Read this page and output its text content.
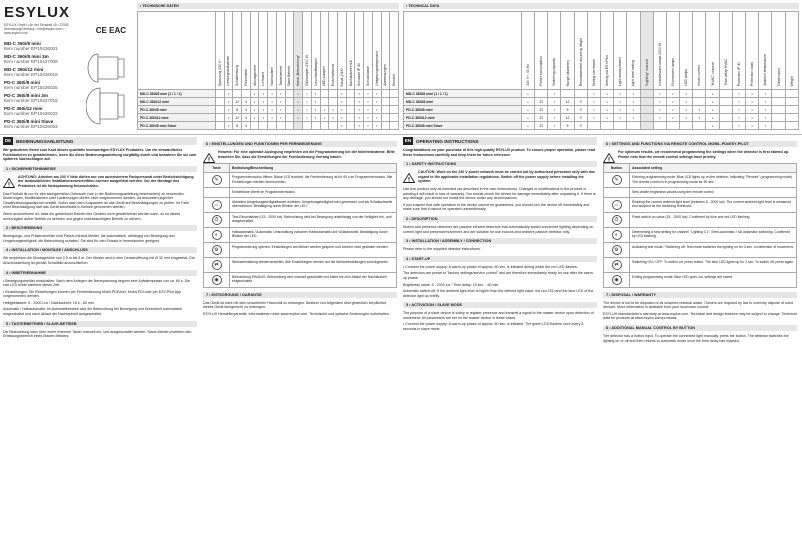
ESYLUX
ESYLUX GmbH • An der Strusbek 40 • 22926 Ahrensburg/Germany • info@esylux.com • www.esylux.com	CE EAC
MD-C 360i/8 mini
Item number EP10426001
MD-C 360i/8 mini 3m
Item number EP10427008
MD-C 360i/12 mini
Item number EP10426018
PD-C 360i/8 mini
Item number EP10426025
PD-C 360i/8 mini 3m
Item number EP10427015
PD-C 360i/12 mini
Item number EP10426032
PD-C 360i/8 mini Slave
Item number EP10426063
• TECHNISCHE DATEN
	Spannung 230 V~	Leistungsaufnahme	Schaltleistung	Reichweite	Montagehöhe	Lichtwert	Nachlaufzeit	Tasterbetrieb	Slave-Betrieb	Kanal „Beleuchtung“	Glühlampen 2300 W	Leuchtstofflampen	LED-Lampen	Einschaltstrom	Kanal „HLK“	Nachlaufzeit HLK	Schutzart IP 40	Schutzklasse	Umgebungstemperatur	Abmessungen	Gewicht
MD-C 360i/8 mini (1 / 1 / 1)		•			•	•	•	•		•	•	•			•		•	•	•		
MD-C 360i/12 mini		•	12	3	•	•	•	•		•	•	•			•		•	•	•		
PD-C 360i/8 mini		•	8	3	•	•	•	•		•	•	•	•	•	•		•	•	•		
PD-C 360i/12 mini		•	12	3	•	•	•	•		•	•	•	•	•	•		•	•	•		
PD-C 360i/8 mini Slave		•	8	3											•		•	•	•		
• TECHNICAL DATA
	230 V~, 50 Hz	Power consumption	Switching capacity	Range (diameter)	Recommended mounting height	Setting via remote	Setting via ESY-Pilot	Light measurement	Light level setting	"Lighting" channel	Incandescent lamps 2300 W	Fluorescent lamps	LED lamps	Inrush current	"HVAC" channel	Time delay HVAC	Protection IP 40	Protection class	Ambient temperature	Dimensions	Weight
MD-C 360i/8 mini (1 / 1 / 1)	•		•			•	•	•	•		•	•	•		•		•	•	•		
MD-C 360i/8 mini	•	12	•	12	3	•	•	•	•		•	•	•		•		•	•	•		
PD-C 360i/8 mini	•	12	•	8	3	•	•	•	•		•	•	•	•	•		•	•	•		
PD-C 360i/12 mini	•	12	•	12	3	•	•	•	•		•	•	•	•	•		•	•	•		
PD-C 360i/8 mini Slave	•	12	•	8	3										•		•	•	•		
DE	BEDIENUNGSANLEITUNG

Wir gratulieren Ihnen zum Kauf dieses qualitativ hochwertigen ESYLUX Produktes. Um ein einwandfreies Funktionieren zu gewährleisten, lesen Sie diese Bedienungsanleitung sorgfältig durch und bewahren Sie sie zum späteren Nachschlagen auf.

1 • SICHERHEITSHINWEISE
!

ACHTUNG: Arbeiten am 230 V Netz dürfen nur von autorisiertem Fachpersonal unter Berücksichtigung der landesüblichen Installationsvorschriften/-normen ausgeführt werden. Vor der Montage des Produktes ist die Netzspannung freizuschalten.

Das Produkt ist nur für den sachgemäßen Gebrauch (wie in der Bedienungsanleitung beschrieben) zu verwenden. Änderungen, Modifikationen oder Lackierungen dürfen nicht vorgenommen werden, da ansonsten jeglicher Gewährleistungsanspruch entfällt. Sofort nach dem Auspacken ist das Gerät auf Beschädigungen zu prüfen. Im Falle einer Beschädigung darf das Gerät keinesfalls in Betrieb genommen werden.

Wenn anzunehmen ist, dass ein gefahrloser Betrieb des Gerätes nicht gewährleistet werden kann, so ist dieses unverzüglich außer Betrieb zu nehmen und gegen unbeabsichtigten Betrieb zu sichern.

2 • BESCHREIBUNG

Bewegungs- und Präsenzmelder sind Passiv-Infrarot-Melder, die automatisch, abhängig von Bewegung und Umgebungshelligkeit, die Beleuchtung schalten. Sie sind für den Einsatz in Innenräumen geeignet.

3 • INSTALLATION / MONTAGE / ANSCHLUSS

Wir empfehlen die Montagehöhe von 2,5 m bis 3 m. Der Melder wird in eine Deckenöffnung mit Ø 32 mm eingesetzt. Die Anschlussleitung ist gemäß Schaltbild anzuschließen.

4 • INBETRIEBNAHME

• Bewegungsmelder einschalten: Nach dem Anlegen der Netzspannung beginnt eine Aufwärmphase von ca. 60 s. Die rote LED blinkt während dieser Zeit.

• Einstellungen: Die Einstellungen können per Fernbedienung Mobil-PDi/User, Mobil-PDi oder per ESY-Pilot App vorgenommen werden.

Helligkeitswert: 5 - 2000 Lux / Nachlaufzeit: 15 s - 60 min.

Automatik / Halbautomatik: Im Automatikbetrieb wird die Beleuchtung bei Bewegung und Dunkelheit automatisch eingeschaltet und nach Ablauf der Nachlaufzeit ausgeschaltet.

5 • TASTERBETRIEB / SLAVE-BETRIEB

Die Beleuchtung kann über einen externen Taster manuell ein- und ausgeschaltet werden. Slave-Melder erweitern den Erfassungsbereich eines Master-Melders.

6 • EINSTELLUNGEN UND FUNKTIONEN PER FERNBEDIENUNG
!

Hinweis: Für eine optimale Auslegung empfehlen wir die Programmierung bei der Inbetriebnahme. Bitte beachten Sie, dass die Einstellungen der Fernbedienung Vorrang haben.

Taste	Bedeutung/Beschreibung
✎	Programmiermodus öffnen: Blaue LED leuchtet, die Fernbedienung ist für 60 s im Programmiermodus. Alle Einstellungen werden übernommen.
	Einstellbare Werte im Programmiermodus
☼	Aktuellen Umgebungshelligkeitswert einlesen: Umgebungshelligkeit wird gemessen und als Schaltschwelle übernommen. Bestätigung durch Blinken der LED.
⏱	Test-Einschaltwert (15 - 2000 lux): Beleuchtung wird bei Bewegung unabhängig von der Helligkeit ein- und ausgeschaltet.
◐	Halbautomatik / Automatik: Umschaltung zwischen Halbautomatik und Vollautomatik. Bestätigung durch Blinken der LED.
⚙	Programmierung sperren: Einstellungen am Melder werden gesperrt und können nicht geändert werden.
⇄	Werkseinstellung wiederherstellen: Alle Einstellungen werden auf die Werkseinstellungen zurückgesetzt.
◉	Beleuchtung EIN/AUS: Beleuchtung wird manuell geschaltet und bleibt bis zum Ablauf der Nachlaufzeit eingeschaltet.
7 • ENTSORGUNG / GARANTIE

Das Gerät ist nicht mit dem unsortierten Hausmüll zu entsorgen. Besitzer von Altgeräten sind gesetzlich verpflichtet, dieses Gerät fachgerecht zu entsorgen.

ESYLUX Herstellergarantie: Informationen unter www.esylux.com. Technische und optische Änderungen vorbehalten.

EN	OPERATING INSTRUCTIONS

Congratulations on your purchase of this high-quality ESYLUX product. To ensure proper operation, please read these instructions carefully and keep them for future reference.

1 • SAFETY INSTRUCTIONS
!

CAUTION: Work on the 230 V power network must be carried out by authorised personnel only with due regard to the applicable installation regulations. Switch off the power supply before installing the system.

Use this product only as intended (as described in the user instructions). Changes or modifications to the product or painting it will result in loss of warranty. You should check the device for damage immediately after unpacking it. If there is any damage, you should not install the device under any circumstances.

If you suspect that safe operation of the device cannot be guaranteed, you should turn the device off immediately and make sure that it cannot be operated unintentionally.

2 • DESCRIPTION

Motion and presence detectors are passive infrared detectors that automatically switch connected lighting depending on current light and presence/movement and are suitable for use indoors and ambient passive detector only.

3 • INSTALLATION / ASSEMBLY / CONNECTION

Please refer to the supplied detector instructions.

4 • START-UP

• Connect the power supply: A warm-up phase of approx. 60 sec. is initiated during which the red LED flashes.

The detectors are preset to "factory settings/service control" and are therefore immediately ready for use after the warm-up phase.

Brightness value: 5 - 2000 lux / Time delay: 15 sec. - 60 min.

Automatic switch-off: If the ambient light level is higher than the defined light value, the red LED and the blue LED of the detector light up briefly.

5 • ACTIVATION / SLAVE MODE

The purpose of a slave device is solely to register presence and transmit a signal to the master device upon detection of movement. All parameters are set on the master device in these cases.

• Connect the power supply: A warm-up phase of approx. 60 sec. is initiated. The green LED flashes once every 5 seconds in slave mode.

6 • SETTINGS AND FUNCTIONS VIA REMOTE CONTROL MOBIL-PDi/ESY-PILOT
!

For optimum results, we recommend programming the settings when the detector is first started up. Please note that the remote control settings have priority.

Button	Associated setting
✎	Entering programming mode: Blue LED lights up on the detector, indicating "Remote" (programming mode). The remote control is in programming mode for 60 sec.
	Sets visible brightness values using the remote control
☼	Reading the current ambient light level (between 5 - 2000 lux): The current ambient light level is measured and adopted as the switching threshold.
⏱	Fixed switch-on value (15 - 2000 lux): Confirmed by blue and red LED flashing.
◐	Determining a new setting for channel "Lighting C1": Semi-automatic / full automatic switching. Confirmed by LED flashing.
⚙	Activating test mode / Switching off: Test mode switches the lighting on for 3 sec. on detection of movement.
⇄	Switching ON / OFF: To switch on, press button. The blue LED lights up for 2 sec. To switch off, press again.
◉	Exiting programming mode: Blue LED goes out, settings are saved.
7 • DISPOSAL / WARRANTY

The device is not to be disposed of as unsorted residual waste. Owners are required by law to correctly dispose of used devices. More information is available from your local town council.

ESYLUX manufacturer's warranty at www.esylux.com. Technical and design features may be subject to change. Technical data for products at www.esylux.com/products.

8 • ADDITIONAL MANUAL CONTROL BY BUTTON

The detector has a button input. To operate the connected light manually, press the button. The detector switches the lighting on or off and then returns to automatic mode once the time delay has elapsed.
